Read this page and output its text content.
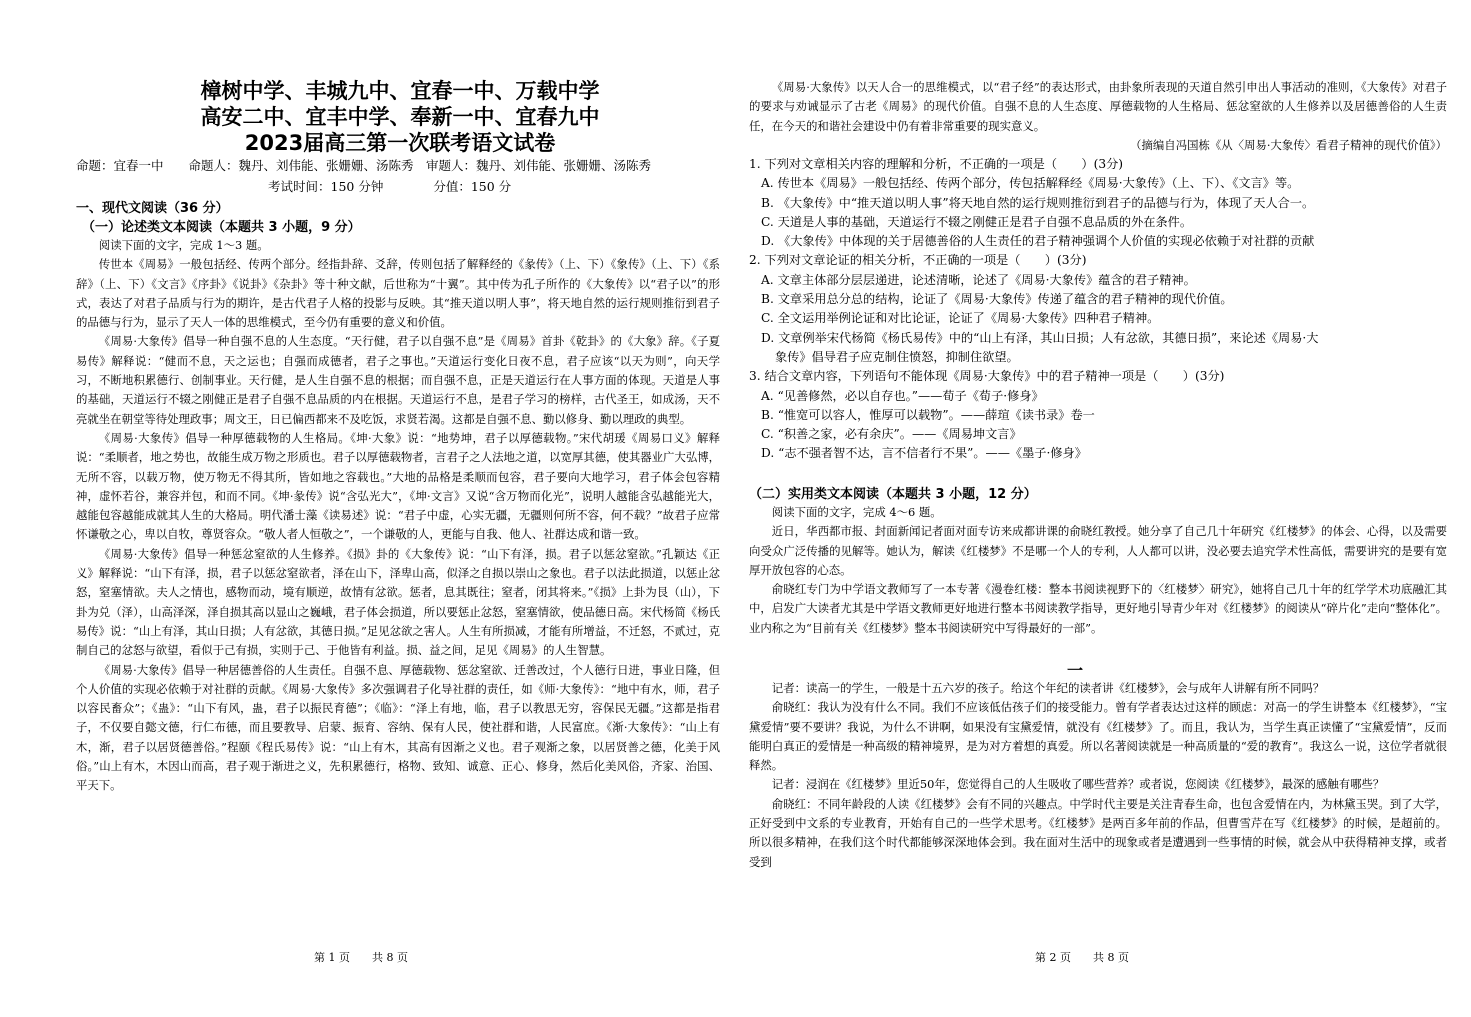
樟树中学、丰城九中、宜春一中、万载中学
高安二中、宜丰中学、奉新一中、宜春九中
2023届高三第一次联考语文试卷
命题：宜春一中　　命题人：魏丹、刘伟能、张姗姗、汤陈秀　审题人：魏丹、刘伟能、张姗姗、汤陈秀
考试时间：150 分钟　　　　分值：150 分
一、现代文阅读（36 分）
（一）论述类文本阅读（本题共 3 小题，9 分）

阅读下面的文字，完成 1～3 题。

传世本《周易》一般包括经、传两个部分。经指卦辞、爻辞，传则包括了解释经的《彖传》（上、下）《象传》（上、下）《系辞》（上、下）《文言》《序卦》《说卦》《杂卦》等十种文献，后世称为“十翼”。其中传为孔子所作的《大象传》以“君子以”的形式，表达了对君子品质与行为的期许，是古代君子人格的投影与反映。其“推天道以明人事”，将天地自然的运行规则推衍到君子的品德与行为，显示了天人一体的思维模式，至今仍有重要的意义和价值。

《周易·大象传》倡导一种自强不息的人生态度。“天行健，君子以自强不息”是《周易》首卦《乾卦》的《大象》辞。《子夏易传》解释说：“健而不息，天之运也；自强而成德者，君子之事也。”天道运行变化日夜不息，君子应该“以天为则”，向天学习，不断地积累德行、创制事业。天行健，是人生自强不息的根据；而自强不息，正是天道运行在人事方面的体现。天道是人事的基础，天道运行不辍之刚健正是君子自强不息品质的内在根据。天道运行不息，是君子学习的榜样，古代圣王，如成汤，天不亮就坐在朝堂等待处理政事；周文王，日已偏西都来不及吃饭，求贤若渴。这都是自强不息、勤以修身、勤以理政的典型。

《周易·大象传》倡导一种厚德载物的人生格局。《坤·大象》说：“地势坤，君子以厚德载物。”宋代胡瑗《周易口义》解释说：“柔顺者，地之势也，故能生成万物之形质也。君子以厚德载物者，言君子之人法地之道，以宽厚其德，使其器业广大弘博，无所不容，以载万物，使万物无不得其所，皆如地之容载也。”大地的品格是柔顺而包容，君子要向大地学习，君子体会包容精神，虚怀若谷，兼容并包，和而不同。《坤·彖传》说“含弘光大”，《坤·文言》又说“含万物而化光”，说明人越能含弘越能光大，越能包容越能成就其人生的大格局。明代潘士藻《读易述》说：“君子中虚，心实无疆，无疆则何所不容，何不载？”故君子应常怀谦敬之心，卑以自牧，尊贤容众。“敬人者人恒敬之”，一个谦敬的人，更能与自我、他人、社群达成和谐一致。

《周易·大象传》倡导一种惩忿窒欲的人生修养。《损》卦的《大象传》说：“山下有泽，损。君子以惩忿窒欲。”孔颖达《正义》解释说：“山下有泽，损，君子以惩忿窒欲者，泽在山下，泽卑山高，似泽之自损以崇山之象也。君子以法此损道，以惩止忿怒，窒塞情欲。夫人之情也，感物而动，境有顺逆，故情有忿欲。惩者，息其既往；窒者，闭其将来。”《损》上卦为艮（山），下卦为兑（泽），山高泽深，泽自损其高以显山之巍峨，君子体会损道，所以要惩止忿怒，窒塞情欲，使品德日高。宋代杨简《杨氏易传》说：“山上有泽，其山日损；人有忿欲，其德日损。”足见忿欲之害人。人生有所损减，才能有所增益，不迁怒，不贰过，克制自己的忿怒与欲望，看似于己有损，实则于己、于他皆有利益。损、益之间，足见《周易》的人生智慧。

《周易·大象传》倡导一种居德善俗的人生责任。自强不息、厚德载物、惩忿窒欲、迁善改过，个人德行日进，事业日隆，但个人价值的实现必依赖于对社群的贡献。《周易·大象传》多次强调君子化导社群的责任，如《师·大象传》：“地中有水，师，君子以容民畜众”；《蛊》：“山下有风，蛊，君子以振民育德”；《临》：“泽上有地，临，君子以教思无穷，容保民无疆。”这都是指君子，不仅要自懿文德，行仁布德，而且要教导、启蒙、振育、容纳、保有人民，使社群和谐，人民富庶。《渐·大象传》：“山上有木，渐，君子以居贤德善俗。”程颐《程氏易传》说：“山上有木，其高有因渐之义也。君子观渐之象，以居贤善之德，化美于风俗。”山上有木，木因山而高，君子观于渐进之义，先积累德行，格物、致知、诚意、正心、修身，然后化美风俗，齐家、治国、平天下。

第 1 页　　共 8 页

《周易·大象传》以天人合一的思维模式，以“君子经”的表达形式，由卦象所表现的天道自然引申出人事活动的准则，《大象传》对君子的要求与劝诫显示了古老《周易》的现代价值。自强不息的人生态度、厚德载物的人生格局、惩忿窒欲的人生修养以及居德善俗的人生责任，在今天的和谐社会建设中仍有着非常重要的现实意义。

（摘编自冯国栋《从〈周易·大象传〉看君子精神的现代价值》）

1. 下列对文章相关内容的理解和分析，不正确的一项是（　　）(3分)
A. 传世本《周易》一般包括经、传两个部分，传包括解释经《周易·大象传》（上、下）、《文言》等。
B. 《大象传》中“推天道以明人事”将天地自然的运行规则推衍到君子的品德与行为，体现了天人合一。
C. 天道是人事的基础，天道运行不辍之刚健正是君子自强不息品质的外在条件。
D. 《大象传》中体现的关于居德善俗的人生责任的君子精神强调个人价值的实现必依赖于对社群的贡献
2. 下列对文章论证的相关分析，不正确的一项是（　　）(3分)
A. 文章主体部分层层递进，论述清晰，论述了《周易·大象传》蕴含的君子精神。
B. 文章采用总分总的结构，论证了《周易·大象传》传递了蕴含的君子精神的现代价值。
C. 全文运用举例论证和对比论证，论证了《周易·大象传》四种君子精神。
D. 文章例举宋代杨简《杨氏易传》中的“山上有泽，其山日损；人有忿欲，其德日损”，来论述《周易·大
象传》倡导君子应克制住愤怒，抑制住欲望。
3. 结合文章内容，下列语句不能体现《周易·大象传》中的君子精神一项是（　　）(3分)
A. “见善修然，必以自存也。”——荀子《荀子·修身》
B. “惟宽可以容人，惟厚可以载物”。——薛瑄《读书录》卷一
C. “积善之家，必有余庆”。——《周易坤文言》
D. “志不强者智不达，言不信者行不果”。——《墨子·修身》
（二）实用类文本阅读（本题共 3 小题，12 分）

阅读下面的文字，完成 4～6 题。

近日，华西都市报、封面新闻记者面对面专访来成都讲课的俞晓红教授。她分享了自己几十年研究《红楼梦》的体会、心得，以及需要向受众广泛传播的见解等。她认为，解读《红楼梦》不是哪一个人的专利，人人都可以讲，没必要去追究学术性高低，需要讲究的是要有宽厚开放包容的心态。

俞晓红专门为中学语文教师写了一本专著《漫卷红楼：整本书阅读视野下的〈红楼梦〉研究》，她将自己几十年的红学学术功底融汇其中，启发广大读者尤其是中学语文教师更好地进行整本书阅读教学指导，更好地引导青少年对《红楼梦》的阅读从“碎片化”走向“整体化”。业内称之为“目前有关《红楼梦》整本书阅读研究中写得最好的一部”。

一

记者：读高一的学生，一般是十五六岁的孩子。给这个年纪的读者讲《红楼梦》，会与成年人讲解有所不同吗？

俞晓红：我认为没有什么不同。我们不应该低估孩子们的接受能力。曾有学者表达过这样的顾虑：对高一的学生讲整本《红楼梦》，“宝黛爱情”要不要讲？我说，为什么不讲啊，如果没有宝黛爱情，就没有《红楼梦》了。而且，我认为，当学生真正读懂了“宝黛爱情”，反而能明白真正的爱情是一种高级的精神境界，是为对方着想的真爱。所以名著阅读就是一种高质量的“爱的教育”。我这么一说，这位学者就很释然。

记者：浸润在《红楼梦》里近50年，您觉得自己的人生吸收了哪些营养？或者说，您阅读《红楼梦》，最深的感触有哪些？

俞晓红：不同年龄段的人读《红楼梦》会有不同的兴趣点。中学时代主要是关注青春生命，也包含爱情在内，为林黛玉哭。到了大学，正好受到中文系的专业教育，开始有自己的一些学术思考。《红楼梦》是两百多年前的作品，但曹雪芹在写《红楼梦》的时候，是超前的。所以很多精神，在我们这个时代都能够深深地体会到。我在面对生活中的现象或者是遭遇到一些事情的时候，就会从中获得精神支撑，或者受到

第 2 页　　共 8 页
